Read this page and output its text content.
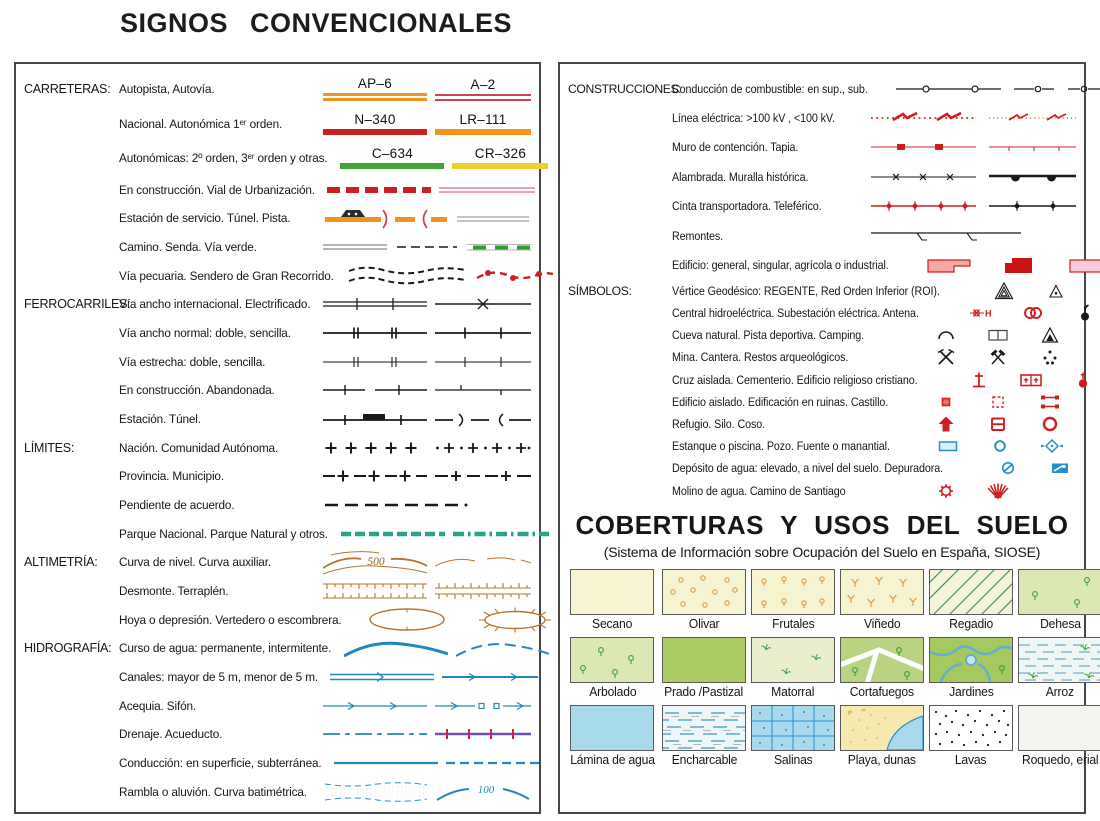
SIGNOS CONVENCIONALES
CARRETERAS: Autopista, Autovía.	AP–6	A–2
Nacional. Autonómica 1ᵉʳ orden.	N–340	LR–111
Autonómicas: 2º orden, 3ᵉʳ orden y otras.	C–634	CR–326
En construcción. Vial de Urbanización.
Estación de servicio. Túnel. Pista.
Camino. Senda. Vía verde.
Vía pecuaria. Sendero de Gran Recorrido.
FERROCARRILES:
Vía ancho internacional. Electrificado.
Vía ancho normal: doble, sencilla.
Vía estrecha: doble, sencilla.
En construcción. Abandonada.
Estación. Túnel.
LÍMITES:	Nación. Comunidad Autónoma.
Provincia. Municipio.
Pendiente de acuerdo.
Parque Nacional. Parque Natural y otros.
ALTIMETRÍA:	Curva de nivel. Curva auxiliar.	500
Desmonte. Terraplén.
Hoya o depresión. Vertedero o escombrera.
HIDROGRAFÍA: Curso de agua: permanente, intermitente.
Canales: mayor de 5 m, menor de 5 m.
Acequia. Sifón.
Drenaje. Acueducto.
Conducción: en superficie, subterránea.
Rambla o aluvión. Curva batimétrica.	100
CONSTRUCCIONES:
Conducción de combustible: en sup., sub.
Línea eléctrica: >100 kV , <100 kV.
Muro de contención. Tapia.
Alambrada. Muralla histórica.
Cinta transportadora. Teleférico.
Remontes.
Edificio: general, singular, agrícola o industrial.
SÍMBOLOS:	Vértice Geodésico: REGENTE, Red Orden Inferior (ROI).
Central hidroeléctrica. Subestación eléctrica. Antena.	H
Cueva natural. Pista deportiva. Camping.
Mina. Cantera. Restos arqueológicos.
Cruz aislada. Cementerio. Edificio religioso cristiano.
Edificio aislado. Edificación en ruinas. Castillo.
Refugio. Silo. Coso.
Estanque o piscina. Pozo. Fuente o manantial.
Depósito de agua: elevado, a nivel del suelo. Depuradora.
Molino de agua. Camino de Santiago
COBERTURAS Y USOS DEL SUELO
(Sistema de Información sobre Ocupación del Suelo en España, SIOSE)
Secano	Olivar	Frutales	Viñedo	Regadio	Dehesa
Arbolado Prado /Pastizal Matorral	Cortafuegos	Jardines	Arroz
Lámina de agua Encharcable	Salinas	Playa, dunas	Lavas	Roquedo, erial
